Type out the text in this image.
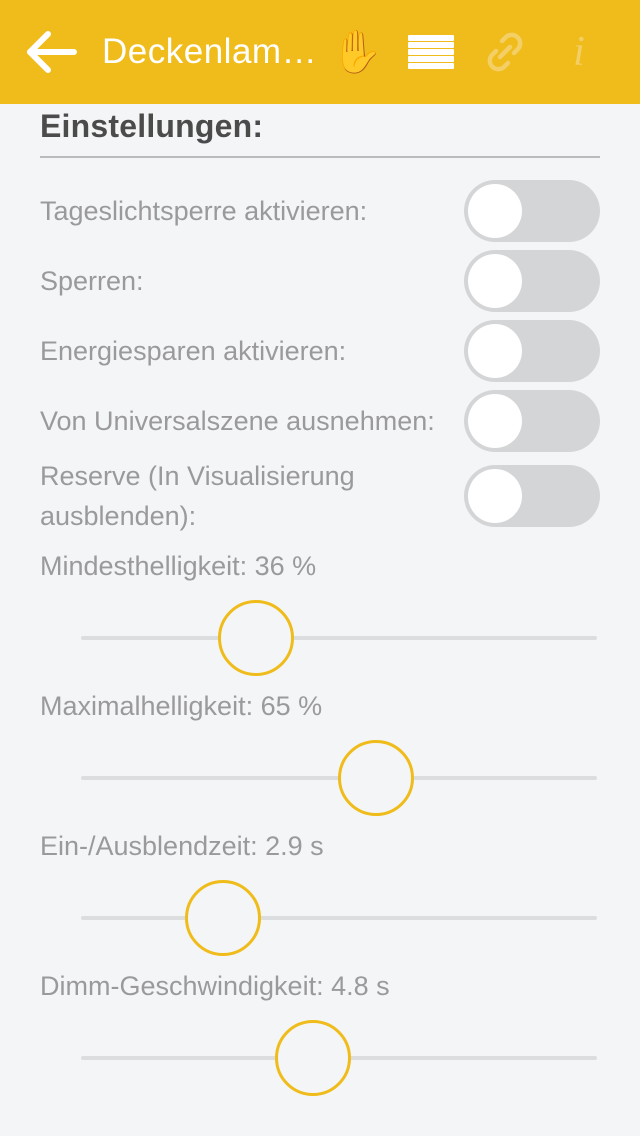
Deckenlam… ✋	i
Einstellungen:
Tageslichtsperre aktivieren:
Sperren:
Energiesparen aktivieren:
Von Universalszene ausnehmen:
Reserve (In Visualisierung ausblenden):
Mindesthelligkeit: 36 %
Maximalhelligkeit: 65 %
Ein-/Ausblendzeit: 2.9 s
Dimm-Geschwindigkeit: 4.8 s
